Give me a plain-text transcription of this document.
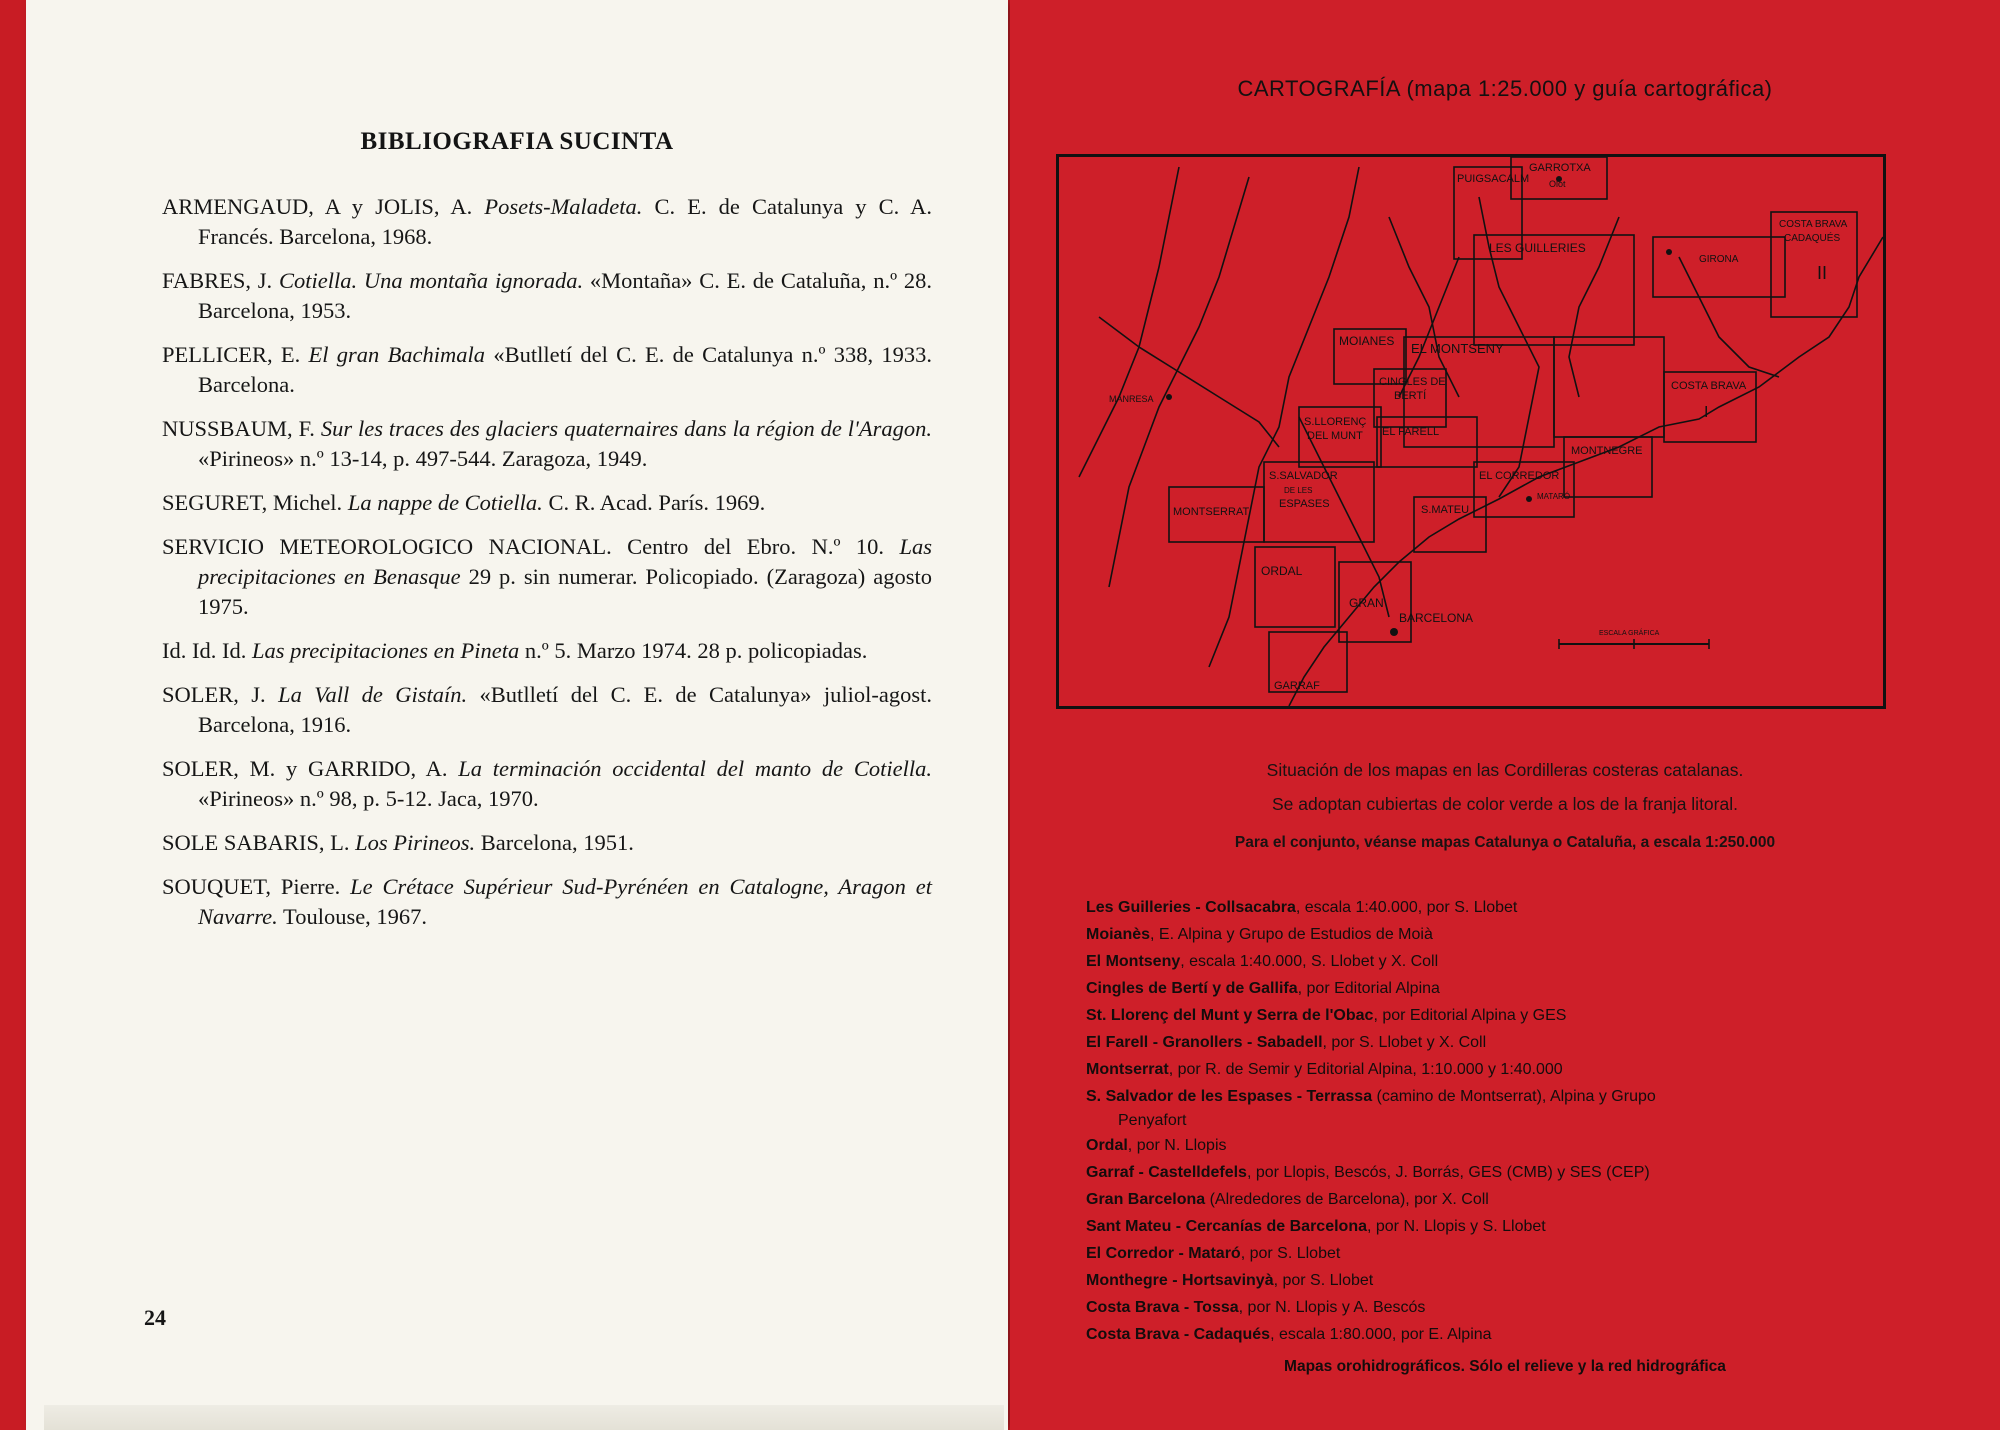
BIBLIOGRAFIA SUCINTA
ARMENGAUD, A y JOLIS, A. Posets-Maladeta. C. E. de Catalunya y C. A. Francés. Barcelona, 1968.
FABRES, J. Cotiella. Una montaña ignorada. «Montaña» C. E. de Cataluña, n.º 28. Barcelona, 1953.
PELLICER, E. El gran Bachimala «Butlletí del C. E. de Catalunya n.º 338, 1933. Barcelona.
NUSSBAUM, F. Sur les traces des glaciers quaternaires dans la région de l'Aragon. «Pirineos» n.º 13-14, p. 497-544. Zaragoza, 1949.
SEGURET, Michel. La nappe de Cotiella. C. R. Acad. París. 1969.
SERVICIO METEOROLOGICO NACIONAL. Centro del Ebro. N.º 10. Las precipitaciones en Benasque 29 p. sin numerar. Policopiado. (Zaragoza) agosto 1975.
Id. Id. Id. Las precipitaciones en Pineta n.º 5. Marzo 1974. 28 p. policopiadas.
SOLER, J. La Vall de Gistaín. «Butlletí del C. E. de Catalunya» juliol-agost. Barcelona, 1916.
SOLER, M. y GARRIDO, A. La terminación occidental del manto de Cotiella. «Pirineos» n.º 98, p. 5-12. Jaca, 1970.
SOLE SABARIS, L. Los Pirineos. Barcelona, 1951.
SOUQUET, Pierre. Le Crétace Supérieur Sud-Pyrénéen en Catalogne, Aragon et Navarre. Toulouse, 1967.
24
CARTOGRAFÍA (mapa 1:25.000 y guía cartográfica)
GARROTXA
Olot
PUIGSACALM
LES GUILLERIES
COSTA BRAVA
CADAQUÉS
II
GIRONA
MOIANES EL MONTSENY
CINGLES DE
BERTÍ
COSTA BRAVA
I
S.LLORENÇ
DEL MUNT EL FARELL
MONTNEGRE
EL CORREDOR
MANRESA
S.SALVADOR
DE LES
ESPASES
MONTSERRAT	S.MATEU
MATARÓ
ORDAL
GRAN
BARCELONA
GARRAF
ESCALA GRÁFICA
Situación de los mapas en las Cordilleras costeras catalanas.
Se adoptan cubiertas de color verde a los de la franja litoral.
Para el conjunto, véanse mapas Catalunya o Cataluña, a escala 1:250.000
Les Guilleries - Collsacabra, escala 1:40.000, por S. Llobet
Moianès, E. Alpina y Grupo de Estudios de Moià
El Montseny, escala 1:40.000, S. Llobet y X. Coll
Cingles de Bertí y de Gallifa, por Editorial Alpina
St. Llorenç del Munt y Serra de l'Obac, por Editorial Alpina y GES
El Farell - Granollers - Sabadell, por S. Llobet y X. Coll
Montserrat, por R. de Semir y Editorial Alpina, 1:10.000 y 1:40.000
S. Salvador de les Espases - Terrassa (camino de Montserrat), Alpina y Grupo
Penyafort
Ordal, por N. Llopis
Garraf - Castelldefels, por Llopis, Bescós, J. Borrás, GES (CMB) y SES (CEP)
Gran Barcelona (Alrededores de Barcelona), por X. Coll
Sant Mateu - Cercanías de Barcelona, por N. Llopis y S. Llobet
El Corredor - Mataró, por S. Llobet
Monthegre - Hortsavinyà, por S. Llobet
Costa Brava - Tossa, por N. Llopis y A. Bescós
Costa Brava - Cadaqués, escala 1:80.000, por E. Alpina
Mapas orohidrográficos. Sólo el relieve y la red hidrográfica
